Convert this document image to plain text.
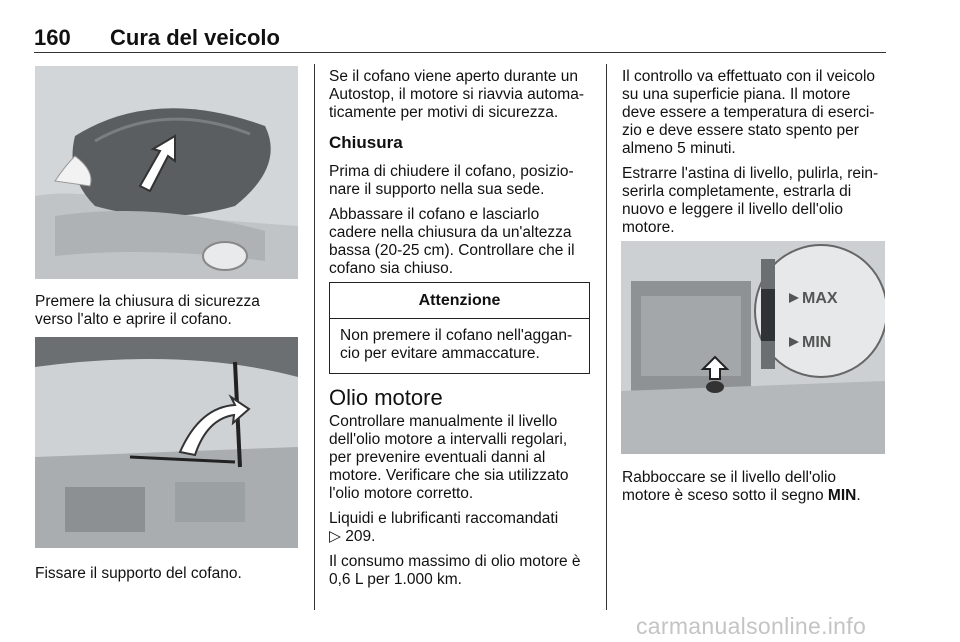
160 Cura del veicolo

Premere la chiusura di sicurezza

verso l'alto e aprire il cofano.

Fissare il supporto del cofano.

Se il cofano viene aperto durante un

Autostop, il motore si riavvia automa-

ticamente per motivi di sicurezza.

Chiusura

Prima di chiudere il cofano, posizio-

nare il supporto nella sua sede.

Abbassare il cofano e lasciarlo

cadere nella chiusura da un'altezza

bassa (20-25 cm). Controllare che il

cofano sia chiuso.

Attenzione
Non premere il cofano nell'aggan-
cio per evitare ammaccature.
Olio motore

Controllare manualmente il livello

dell'olio motore a intervalli regolari,

per prevenire eventuali danni al

motore. Verificare che sia utilizzato

l'olio motore corretto.

Liquidi e lubrificanti raccomandati

▷ 209.

Il consumo massimo di olio motore è

0,6 L per 1.000 km.

Il controllo va effettuato con il veicolo

su una superficie piana. Il motore

deve essere a temperatura di eserci-

zio e deve essere stato spento per

almeno 5 minuti.

Estrarre l'astina di livello, pulirla, rein-

serirla completamente, estrarla di

nuovo e leggere il livello dell'olio

motore.

MAX
MIN

Rabboccare se il livello dell'olio

motore è sceso sotto il segno MIN.

carmanualsonline.info
